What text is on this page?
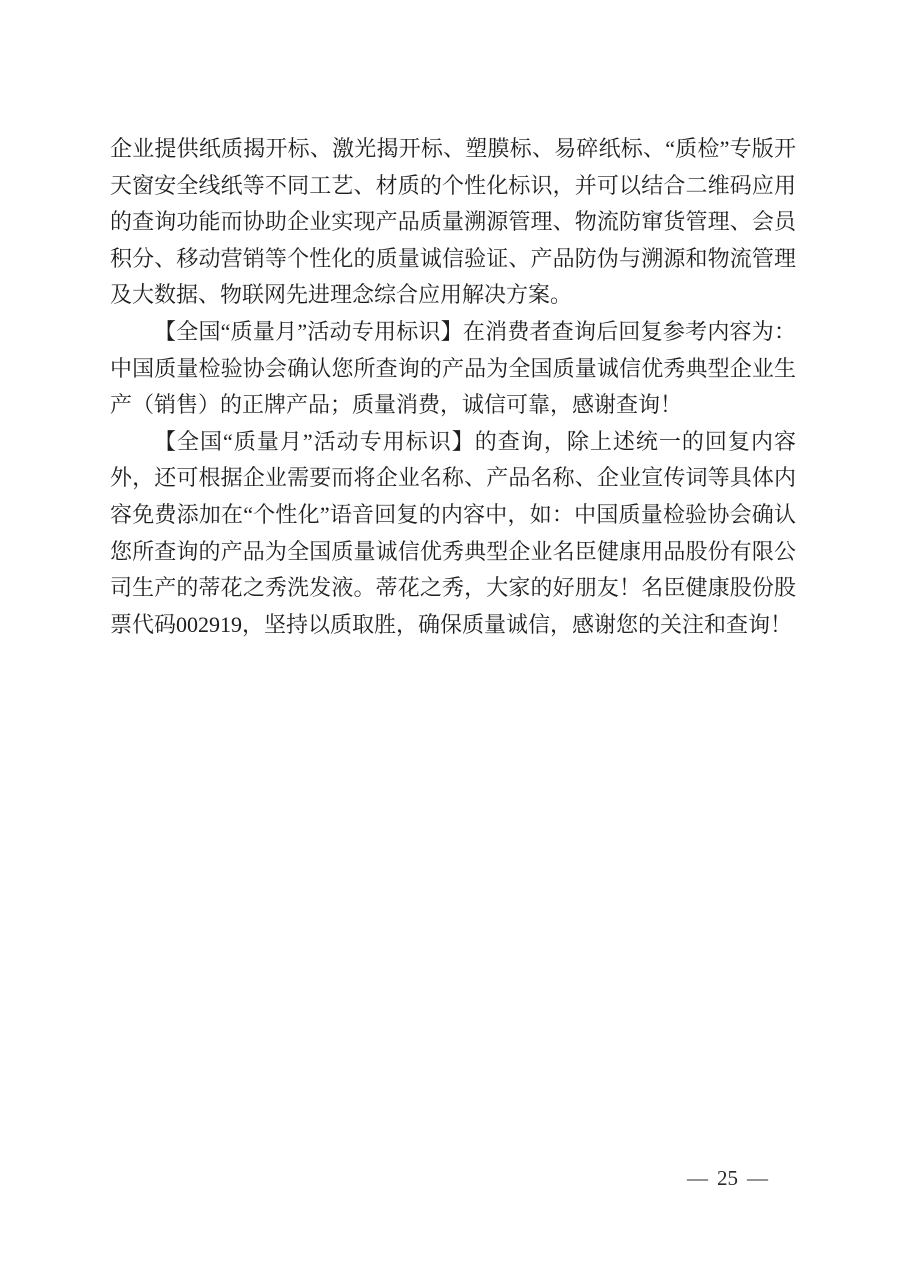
企业提供纸质揭开标、激光揭开标、塑膜标、易碎纸标、“质检”专版开天窗安全线纸等不同工艺、材质的个性化标识，并可以结合二维码应用的查询功能而协助企业实现产品质量溯源管理、物流防窜货管理、会员积分、移动营销等个性化的质量诚信验证、产品防伪与溯源和物流管理及大数据、物联网先进理念综合应用解决方案。

【全国“质量月”活动专用标识】在消费者查询后回复参考内容为：中国质量检验协会确认您所查询的产品为全国质量诚信优秀典型企业生产（销售）的正牌产品；质量消费，诚信可靠，感谢查询！

【全国“质量月”活动专用标识】的查询，除上述统一的回复内容外，还可根据企业需要而将企业名称、产品名称、企业宣传词等具体内容免费添加在“个性化”语音回复的内容中，如：中国质量检验协会确认您所查询的产品为全国质量诚信优秀典型企业名臣健康用品股份有限公司生产的蒂花之秀洗发液。蒂花之秀，大家的好朋友！名臣健康股份股票代码002919，坚持以质取胜，确保质量诚信，感谢您的关注和查询！

— 25 —
